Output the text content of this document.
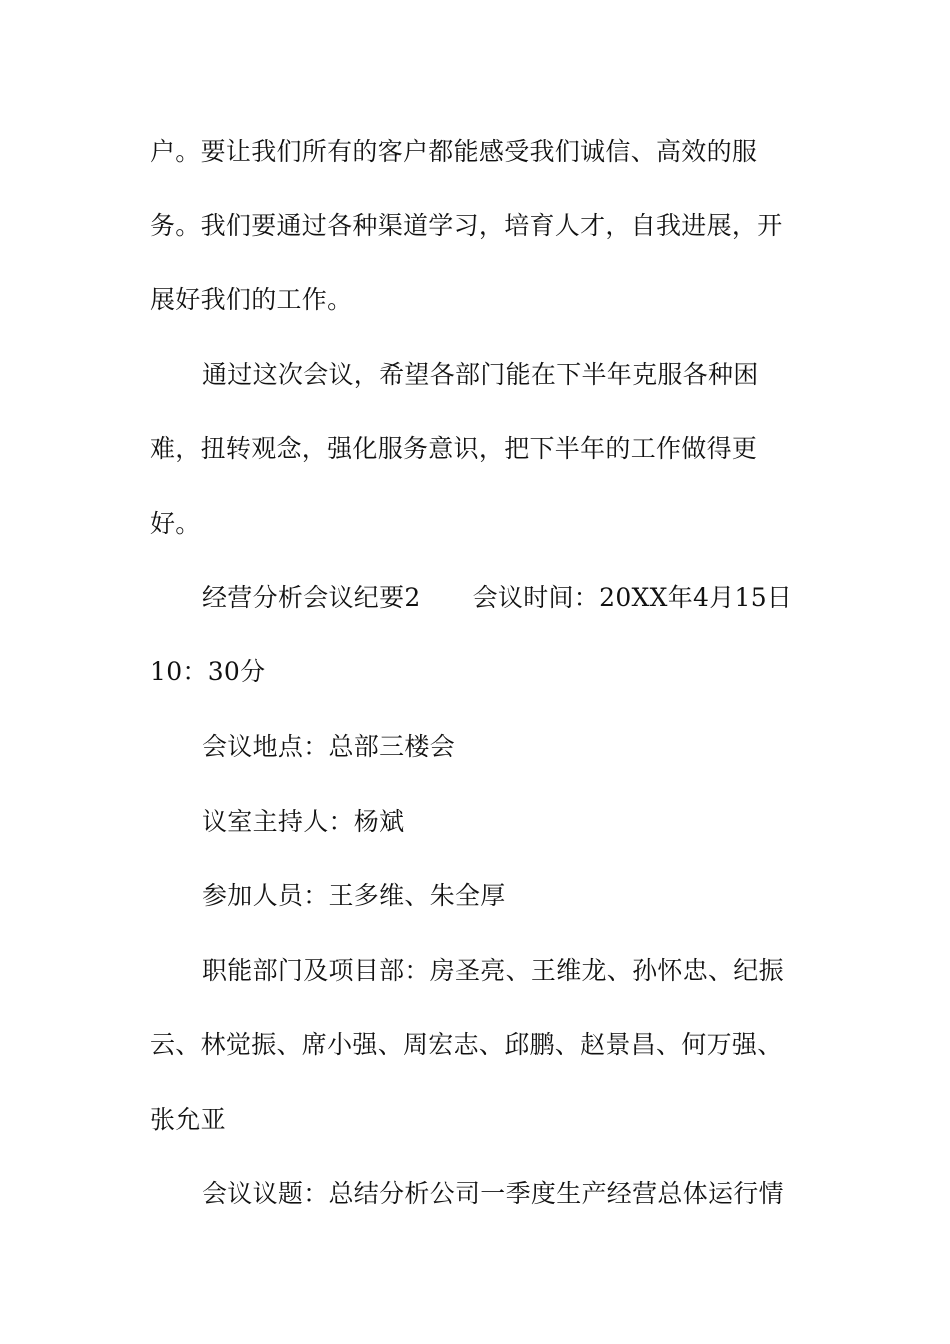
户。要让我们所有的客户都能感受我们诚信、高效的服
务。我们要通过各种渠道学习，培育人才，自我进展，开
展好我们的工作。
通过这次会议，希望各部门能在下半年克服各种困
难，扭转观念，强化服务意识，把下半年的工作做得更
好。
经营分析会议纪要2 会议时间：20XX年4月15日
10：30分
会议地点：总部三楼会
议室主持人：杨斌
参加人员：王多维、朱全厚
职能部门及项目部：房圣亮、王维龙、孙怀忠、纪振
云、林觉振、席小强、周宏志、邱鹏、赵景昌、何万强、
张允亚
会议议题：总结分析公司一季度生产经营总体运行情
